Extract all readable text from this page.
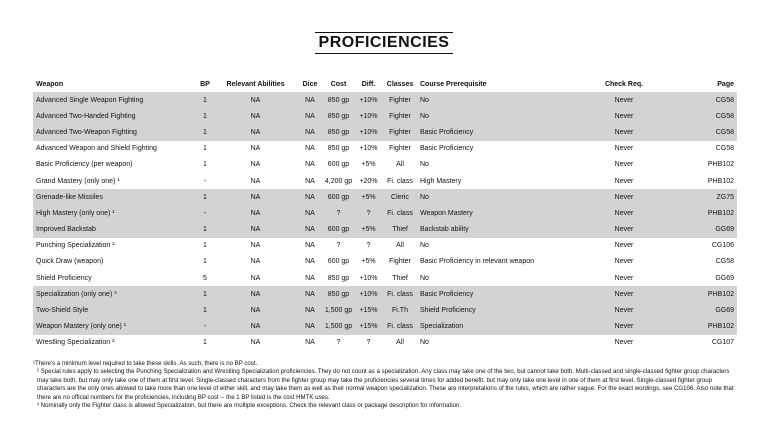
PROFICIENCIES
Weapon	BP	Relevant Abilities	Dice	Cost	Diff.	Classes	Course Prerequisite	Check Req.	Page
Advanced Single Weapon Fighting	1	NA	NA	850 gp	+10%	Fighter	No	Never	CG58
Advanced Two-Handed Fighting	1	NA	NA	850 gp	+10%	Fighter	No	Never	CG58
Advanced Two-Weapon Fighting	1	NA	NA	850 gp	+10%	Fighter	Basic Proficiency	Never	CG58
Advanced Weapon and Shield Fighting	1	NA	NA	850 gp	+10%	Fighter	Basic Proficiency	Never	CG58
Basic Proficiency (per weapon)	1	NA	NA	600 gp	+5%	All	No	Never	PHB102
Grand Mastery (only one) ¹	-	NA	NA	4,200 gp	+20%	Fi. class	High Mastery	Never	PHB102
Grenade-like Missiles	1	NA	NA	600 gp	+5%	Cleric	No	Never	ZG75
High Mastery (only one) ¹	-	NA	NA	?	?	Fi. class	Weapon Mastery	Never	PHB102
Improved Backstab	1	NA	NA	600 gp	+5%	Thief	Backstab ability	Never	GG69
Punching Specialization ²	1	NA	NA	?	?	All	No	Never	CG106
Quick Draw (weapon)	1	NA	NA	600 gp	+5%	Fighter	Basic Proficiency in relevant weapon	Never	CG58
Shield Proficiency	5	NA	NA	850 gp	+10%	Thief	No	Never	GG69
Specialization (only one) ³	1	NA	NA	850 gp	+10%	Fi. class	Basic Proficiency	Never	PHB102
Two-Shield Style	1	NA	NA	1,500 gp	+15%	Fi.Th	Shield Proficiency	Never	GG69
Weapon Mastery (only one) ¹	-	NA	NA	1,500 gp	+15%	Fi. class	Specialization	Never	PHB102
Wrestling Specialization ²	1	NA	NA	?	?	All	No	Never	CG107

¹There's a minimum level required to take these skills. As such, there is no BP cost.

² Special rules apply to selecting the Punching Specialization and Wrestling Specialization proficiencies. They do not count as a specialization. Any class may take one of the two, but cannot take both. Multi-classed and single-classed fighter group characters may take both, but may only take one of them at first level. Single-classed characters from the fighter group may take the proficiencies several times for added benefit, but may only take one level in one of them at first level. Single-classed fighter group characters are the only ones allowed to take more than one level of either skill, and may take them as well as their normal weapon specialization. These are interpretations of the rules, which are rather vague. For the exact wordings, see CG106. Also note that there are no official numbers for the proficiencies, including BP cost -- the 1 BP listed is the cost HMTK uses.

³ Nominally only the Fighter class is allowed Specialization, but there are multiple exceptions. Check the relevant class or package description for information.
